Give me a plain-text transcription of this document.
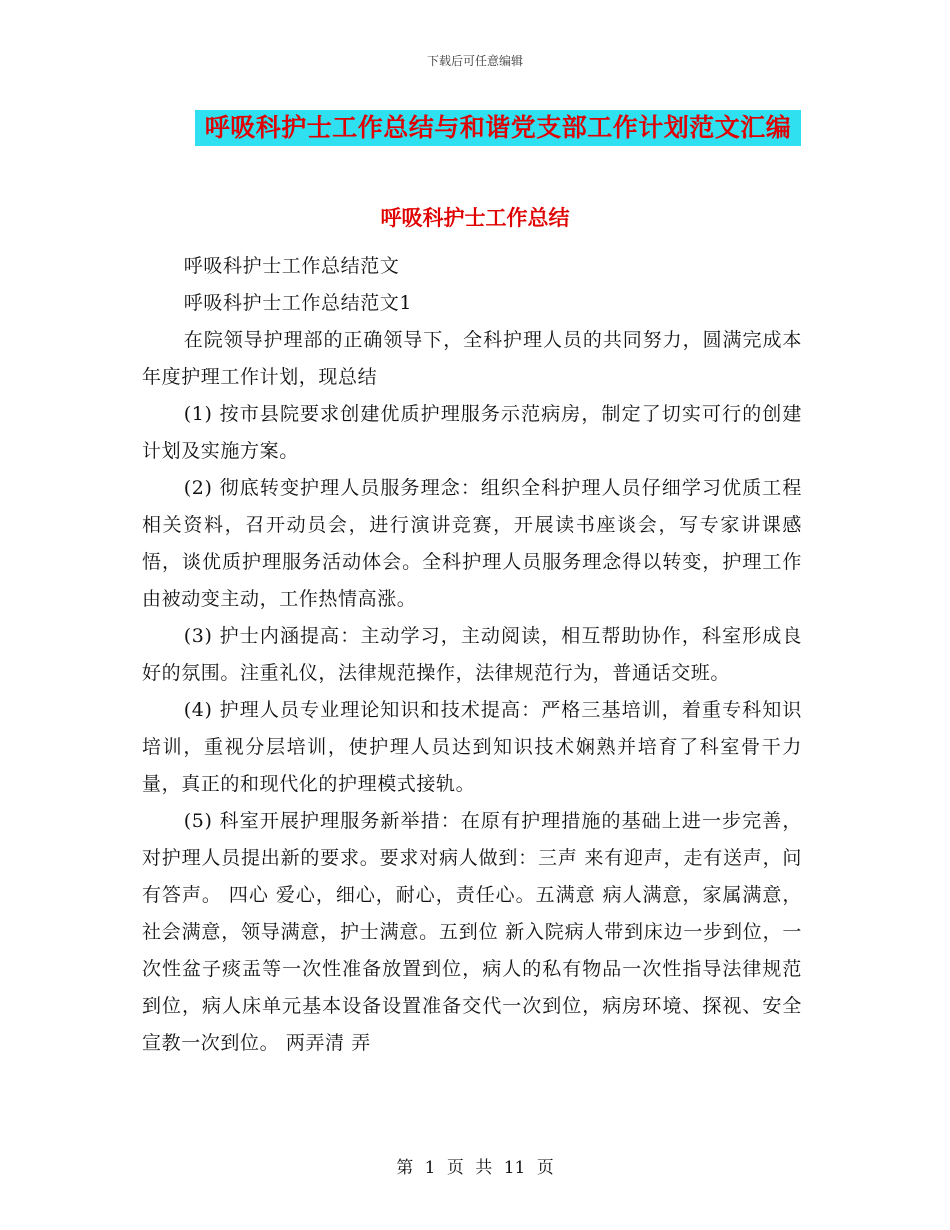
下载后可任意编辑
呼吸科护士工作总结与和谐党支部工作计划范文汇编
呼吸科护士工作总结

呼吸科护士工作总结范文

呼吸科护士工作总结范文1

在院领导护理部的正确领导下，全科护理人员的共同努力，圆满完成本年度护理工作计划，现总结

(1) 按市县院要求创建优质护理服务示范病房，制定了切实可行的创建计划及实施方案。

(2) 彻底转变护理人员服务理念：组织全科护理人员仔细学习优质工程相关资料，召开动员会，进行演讲竞赛，开展读书座谈会，写专家讲课感悟，谈优质护理服务活动体会。全科护理人员服务理念得以转变，护理工作由被动变主动，工作热情高涨。

(3) 护士内涵提高：主动学习，主动阅读，相互帮助协作，科室形成良好的氛围。注重礼仪，法律规范操作，法律规范行为，普通话交班。

(4) 护理人员专业理论知识和技术提高：严格三基培训，着重专科知识培训，重视分层培训，使护理人员达到知识技术娴熟并培育了科室骨干力量，真正的和现代化的护理模式接轨。

(5) 科室开展护理服务新举措：在原有护理措施的基础上进一步完善，对护理人员提出新的要求。要求对病人做到：三声 来有迎声，走有送声，问有答声。 四心 爱心，细心，耐心，责任心。五满意 病人满意，家属满意，社会满意，领导满意，护士满意。五到位 新入院病人带到床边一步到位，一次性盆子痰盂等一次性准备放置到位，病人的私有物品一次性指导法律规范到位，病人床单元基本设备设置准备交代一次到位，病房环境、探视、安全宣教一次到位。 两弄清 弄

第 1 页 共 11 页
